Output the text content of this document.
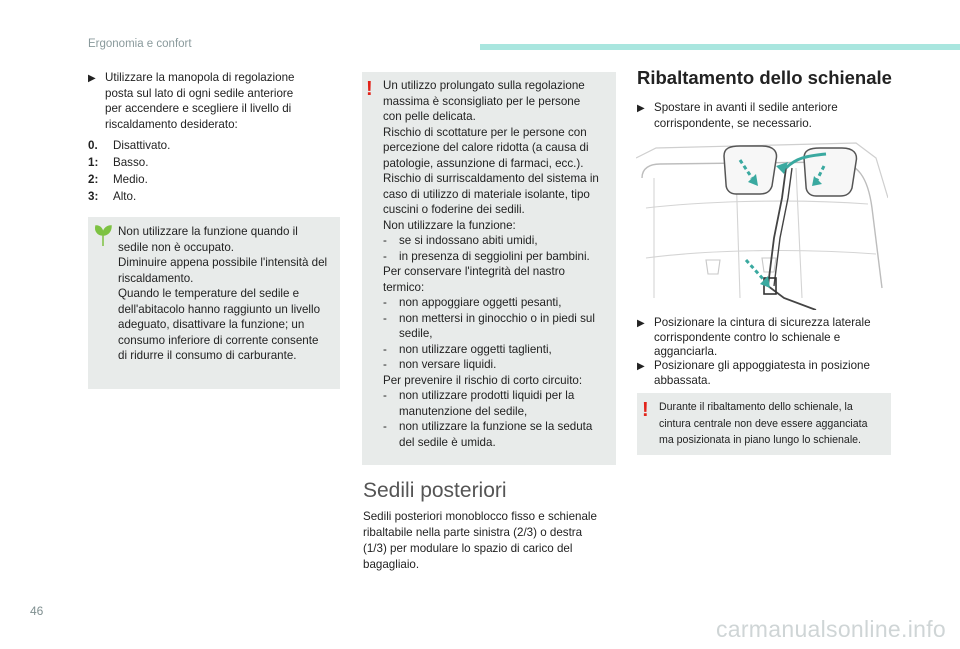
Ergonomia e confort
▶ Utilizzare la manopola di regolazione
posta sul lato di ogni sedile anteriore
per accendere e scegliere il livello di
riscaldamento desiderato:
0.	Disattivato.
1:	Basso.
2:	Medio.
3:	Alto.
Non utilizzare la funzione quando il
sedile non è occupato.
Diminuire appena possibile l'intensità del
riscaldamento.
Quando le temperature del sedile e
dell'abitacolo hanno raggiunto un livello
adeguato, disattivare la funzione; un
consumo inferiore di corrente consente
di ridurre il consumo di carburante.
! Un utilizzo prolungato sulla regolazione
massima è sconsigliato per le persone
con pelle delicata.
Rischio di scottature per le persone con
percezione del calore ridotta (a causa di
patologie, assunzione di farmaci, ecc.).
Rischio di surriscaldamento del sistema in
caso di utilizzo di materiale isolante, tipo
cuscini o foderine dei sedili.
Non utilizzare la funzione:
-	se si indossano abiti umidi,
-	in presenza di seggiolini per bambini.
Per conservare l'integrità del nastro
termico:
-	non appoggiare oggetti pesanti,
-	non mettersi in ginocchio o in piedi sul
sedile,
-	non utilizzare oggetti taglienti,
-	non versare liquidi.
Per prevenire il rischio di corto circuito:
-	non utilizzare prodotti liquidi per la
manutenzione del sedile,
-	non utilizzare la funzione se la seduta
del sedile è umida.
Sedili posteriori
Sedili posteriori monoblocco fisso e schienale
ribaltabile nella parte sinistra (2/3) o destra
(1/3) per modulare lo spazio di carico del
bagagliaio.
Ribaltamento dello schienale
▶ Spostare in avanti il sedile anteriore
corrispondente, se necessario.
▶ Posizionare la cintura di sicurezza laterale
corrispondente contro lo schienale e
agganciarla.
▶ Posizionare gli appoggiatesta in posizione
abbassata.
! Durante il ribaltamento dello schienale, la
cintura centrale non deve essere agganciata
ma posizionata in piano lungo lo schienale.
46
carmanualsonline.info
